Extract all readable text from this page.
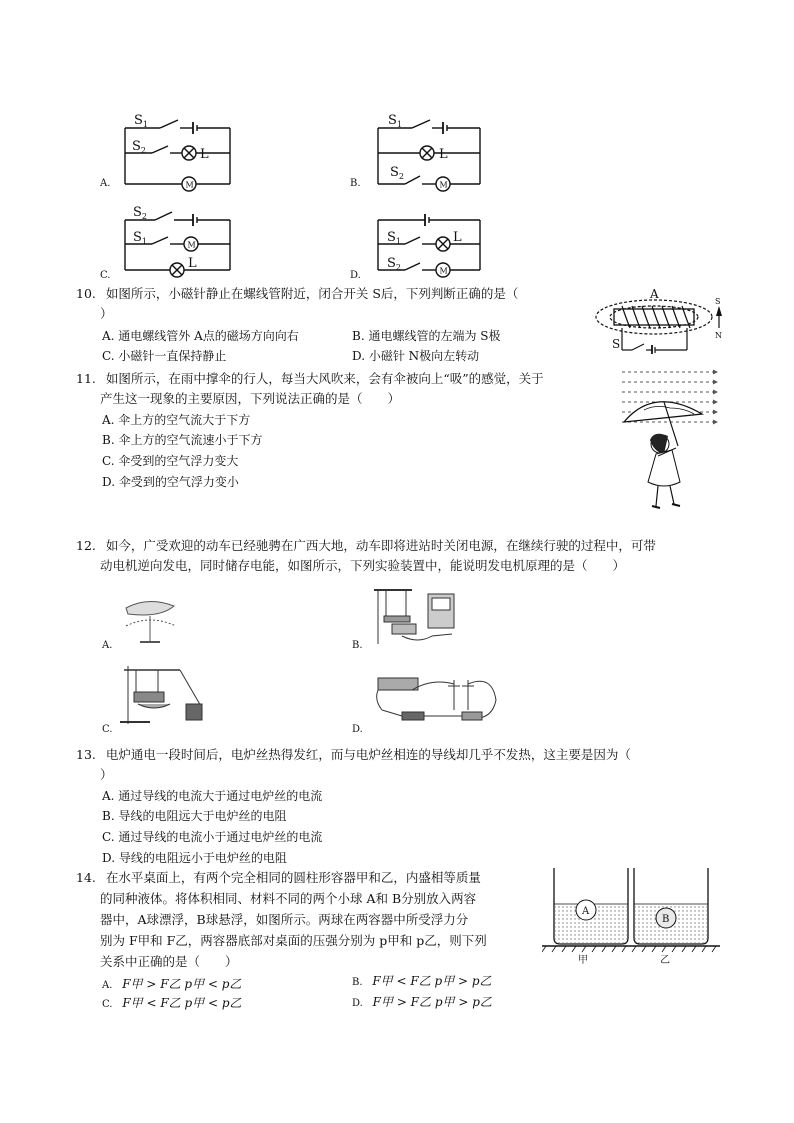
A.
$S_1$
$S_2$	L
M	B.
$S_1$
$S_2$
L
M
C.
$S_2$
$S_1$
L
M
D.
$S_1$
$S_2$
L
M
10. 如图所示，小磁针静止在螺线管附近，闭合开关 S后，下列判断正确的是（
）
A. 通电螺线管外 A点的磁场方向向右	B. 通电螺线管的左端为 S极
C. 小磁针一直保持静止	D. 小磁针 N极向左转动
A
S
N
S
11. 如图所示，在雨中撑伞的行人，每当大风吹来，会有伞被向上“吸”的感觉，关于
产生这一现象的主要原因，下列说法正确的是（　　）
A. 伞上方的空气流大于下方
B. 伞上方的空气流速小于下方
C. 伞受到的空气浮力变大
D. 伞受到的空气浮力变小
12. 如今，广受欢迎的动车已经驰骋在广西大地，动车即将进站时关闭电源，在继续行驶的过程中，可带
动电机逆向发电，同时储存电能，如图所示，下列实验装置中，能说明发电机原理的是（　　）
A.	B.
C.	D.
13. 电炉通电一段时间后，电炉丝热得发红，而与电炉丝相连的导线却几乎不发热，这主要是因为（
）
A. 通过导线的电流大于通过电炉丝的电流
B. 导线的电阻远大于电炉丝的电阻
C. 通过导线的电流小于通过电炉丝的电流
D. 导线的电阻远小于电炉丝的电阻
14. 在水平桌面上，有两个完全相同的圆柱形容器甲和乙，内盛相等质量
的同种液体。将体积相同、材料不同的两个小球 A和 B分别放入两容
器中，A球漂浮，B球悬浮，如图所示。两球在两容器中所受浮力分
别为 F甲和 F乙，两容器底部对桌面的压强分别为 p甲和 p乙，则下列
关系中正确的是（　　）
A. F甲 > F乙 p甲 < p乙	B. F甲 < F乙 p甲 > p乙
C. F甲 < F乙 p甲 < p乙	D. F甲 > F乙 p甲 > p乙
A
B
甲	乙
